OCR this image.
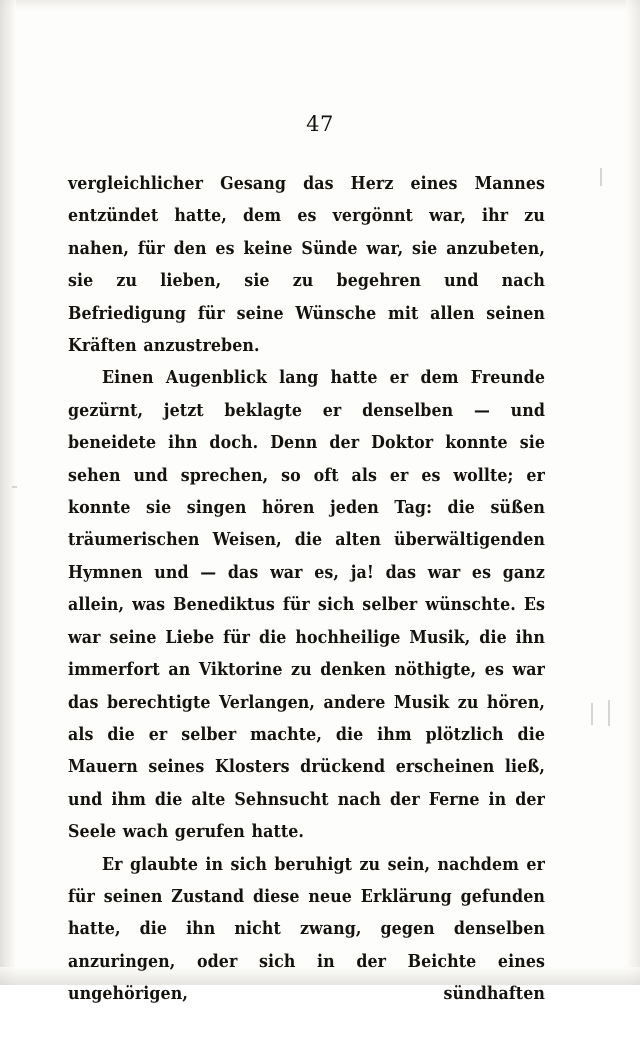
47

vergleichlicher Gesang das Herz eines Mannes entzündet hatte, dem es vergönnt war, ihr zu nahen, für den es keine Sünde war, sie anzubeten, sie zu lieben, sie zu begehren und nach Befriedigung für seine Wünsche mit allen seinen Kräften anzustreben.

Einen Augenblick lang hatte er dem Freunde gezürnt, jetzt beklagte er denselben — und beneidete ihn doch. Denn der Doktor konnte sie sehen und sprechen, so oft als er es wollte; er konnte sie singen hören jeden Tag: die süßen träumerischen Weisen, die alten überwältigenden Hymnen und — das war es, ja! das war es ganz allein, was Benediktus für sich selber wünschte. Es war seine Liebe für die hochheilige Musik, die ihn immerfort an Viktorine zu denken nöthigte, es war das berechtigte Verlangen, andere Musik zu hören, als die er selber machte, die ihm plötzlich die Mauern seines Klosters drückend erscheinen ließ, und ihm die alte Sehnsucht nach der Ferne in der Seele wach gerufen hatte.

Er glaubte in sich beruhigt zu sein, nachdem er für seinen Zustand diese neue Erklärung gefunden hatte, die ihn nicht zwang, gegen denselben anzuringen, oder sich in der Beichte eines ungehörigen, sündhaften
